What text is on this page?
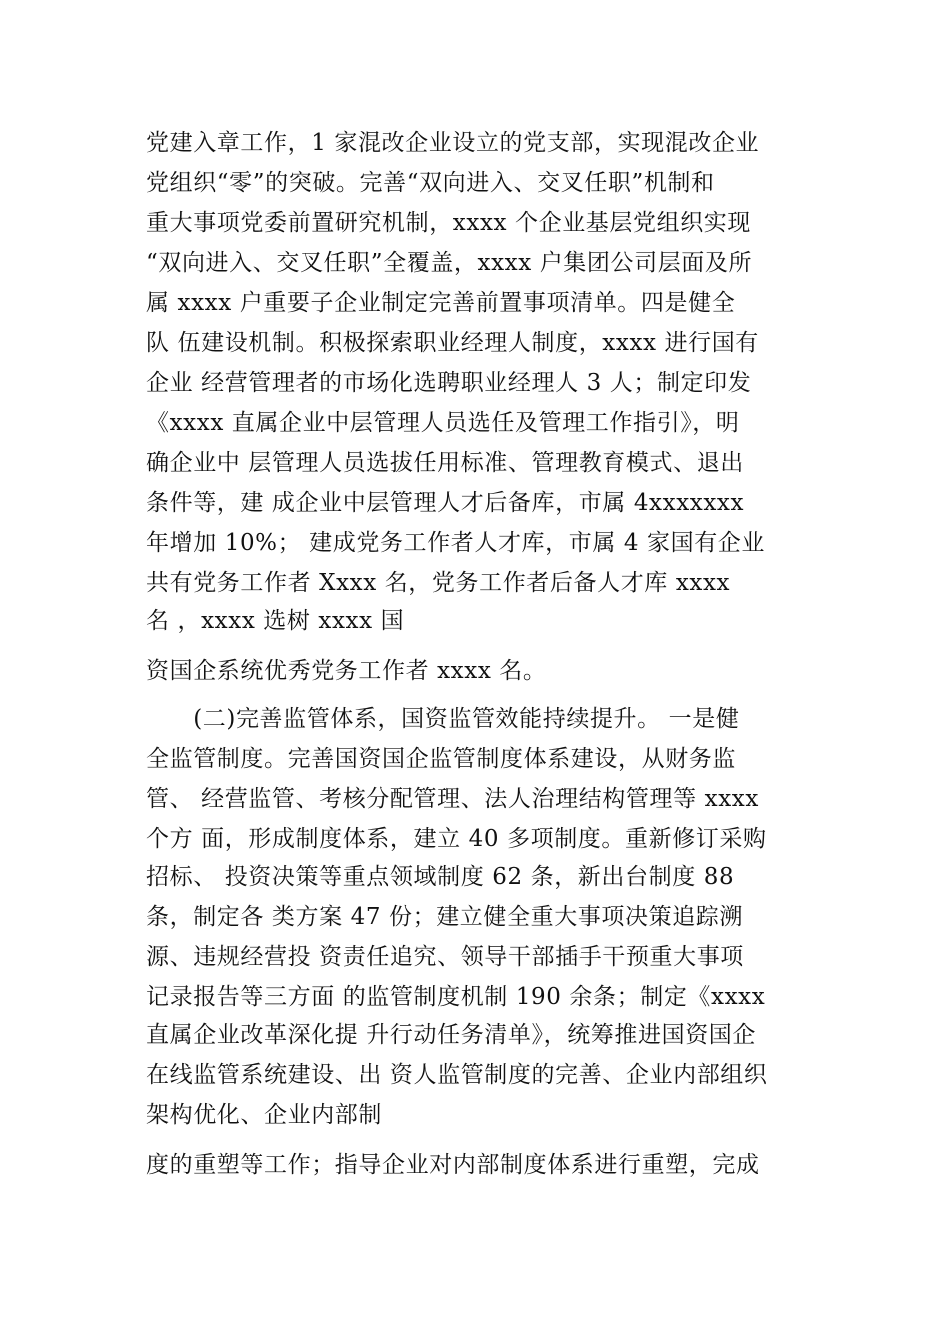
党建入章工作，1 家混改企业设立的党支部，实现混改企业
党组织“零”的突破。完善“双向进入、交叉任职”机制和
重大事项党委前置研究机制，xxxx 个企业基层党组织实现
“双向进入、交叉任职”全覆盖，xxxx 户集团公司层面及所
属 xxxx 户重要子企业制定完善前置事项清单。四是健全
队 伍建设机制。积极探索职业经理人制度，xxxx 进行国有
企业 经营管理者的市场化选聘职业经理人 3 人；制定印发
《xxxx 直属企业中层管理人员选任及管理工作指引》，明
确企业中 层管理人员选拔任用标准、管理教育模式、退出
条件等，建 成企业中层管理人才后备库，市属 4xxxxxxx
年增加 10%； 建成党务工作者人才库，市属 4 家国有企业
共有党务工作者 Xxxx 名，党务工作者后备人才库 xxxx
名 ，xxxx 选树 xxxx 国
资国企系统优秀党务工作者 xxxx 名。
　　(二)完善监管体系，国资监管效能持续提升。 一是健
全监管制度。完善国资国企监管制度体系建设，从财务监
管、 经营监管、考核分配管理、法人治理结构管理等 xxxx
个方 面，形成制度体系，建立 40 多项制度。重新修订采购
招标、 投资决策等重点领域制度 62 条，新出台制度 88
条，制定各 类方案 47 份；建立健全重大事项决策追踪溯
源、违规经营投 资责任追究、领导干部插手干预重大事项
记录报告等三方面 的监管制度机制 190 余条；制定《xxxx
直属企业改革深化提 升行动任务清单》，统筹推进国资国企
在线监管系统建设、出 资人监管制度的完善、企业内部组织
架构优化、企业内部制
度的重塑等工作；指导企业对内部制度体系进行重塑，完成
